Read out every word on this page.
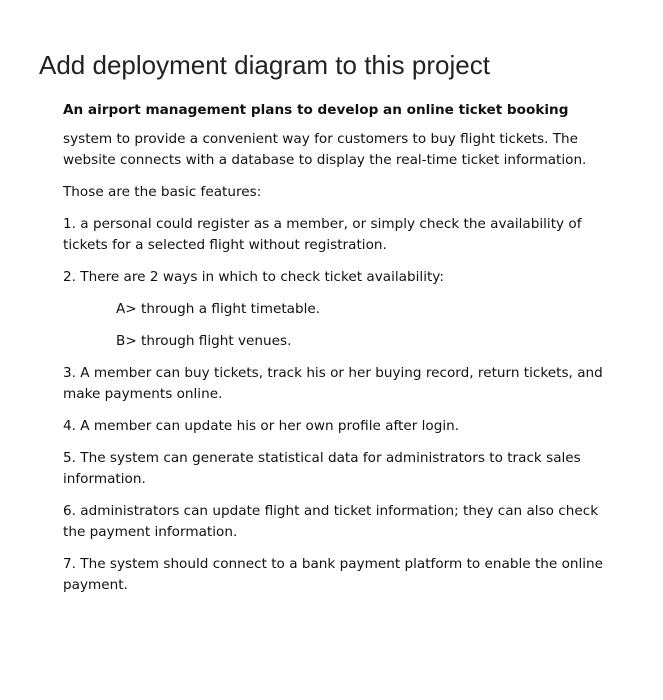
Add deployment diagram to this project

An airport management plans to develop an online ticket booking

system to provide a convenient way for customers to buy flight tickets. The website connects with a database to display the real-time ticket information.

Those are the basic features:

1. a personal could register as a member, or simply check the availability of tickets for a selected flight without registration.

2. There are 2 ways in which to check ticket availability:

A> through a flight timetable.

B> through flight venues.

3. A member can buy tickets, track his or her buying record, return tickets, and make payments online.

4. A member can update his or her own profile after login.

5. The system can generate statistical data for administrators to track sales information.

6. administrators can update flight and ticket information; they can also check the payment information.

7. The system should connect to a bank payment platform to enable the online payment.
